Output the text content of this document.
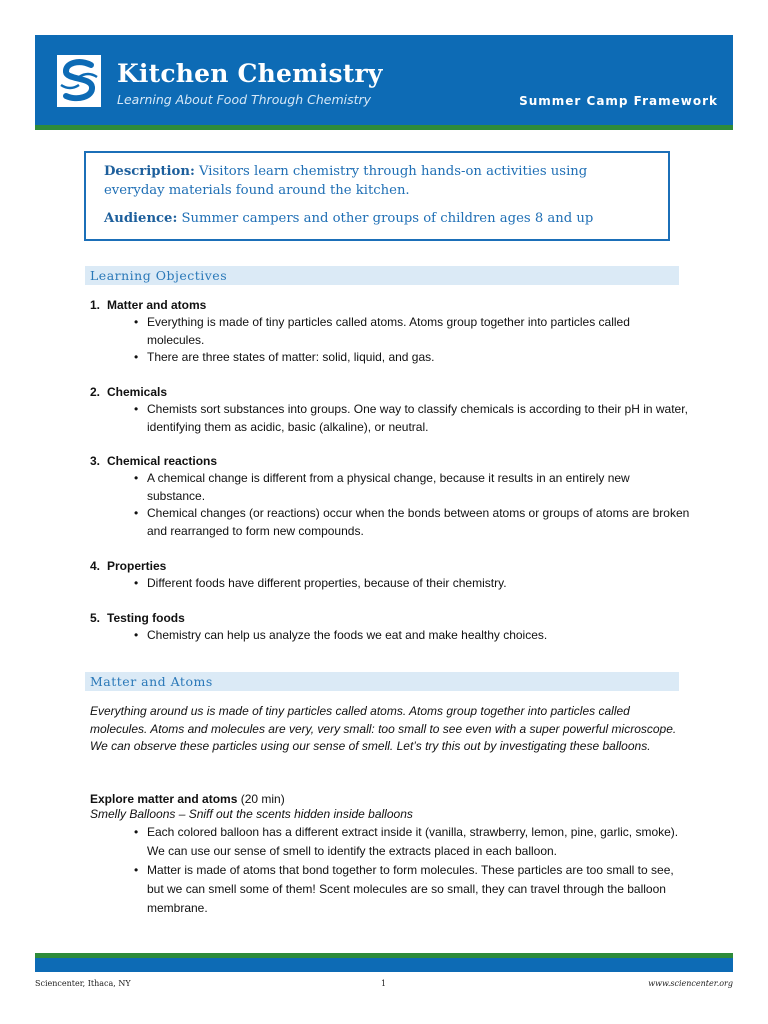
Kitchen Chemistry
Learning About Food Through Chemistry	Summer Camp Framework

Description: Visitors learn chemistry through hands-on activities using everyday materials found around the kitchen.

Audience: Summer campers and other groups of children ages 8 and up

Learning Objectives
1. Matter and atoms
• Everything is made of tiny particles called atoms. Atoms group together into particles called molecules.
• There are three states of matter: solid, liquid, and gas.
2. Chemicals
• Chemists sort substances into groups. One way to classify chemicals is according to their pH in water, identifying them as acidic, basic (alkaline), or neutral.
3. Chemical reactions
• A chemical change is different from a physical change, because it results in an entirely new substance.
• Chemical changes (or reactions) occur when the bonds between atoms or groups of atoms are broken and rearranged to form new compounds.
4. Properties
• Different foods have different properties, because of their chemistry.
5. Testing foods
• Chemistry can help us analyze the foods we eat and make healthy choices.
Matter and Atoms

Everything around us is made of tiny particles called atoms. Atoms group together into particles called molecules. Atoms and molecules are very, very small: too small to see even with a super powerful microscope. We can observe these particles using our sense of smell. Let’s try this out by investigating these balloons.

Explore matter and atoms (20 min)
Smelly Balloons – Sniff out the scents hidden inside balloons
• Each colored balloon has a different extract inside it (vanilla, strawberry, lemon, pine, garlic, smoke). We can use our sense of smell to identify the extracts placed in each balloon.
• Matter is made of atoms that bond together to form molecules. These particles are too small to see, but we can smell some of them! Scent molecules are so small, they can travel through the balloon membrane.
Sciencenter, Ithaca, NY	1	www.sciencenter.org
